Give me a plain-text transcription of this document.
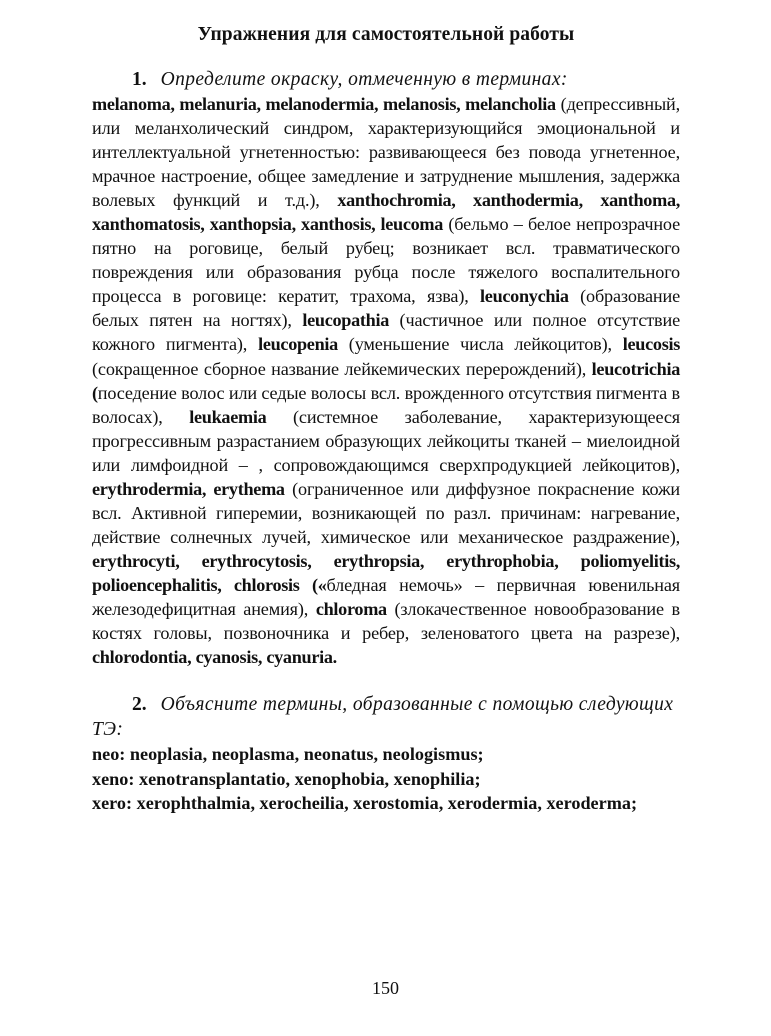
Упражнения для самостоятельной работы

1. Определите окраску, отмеченную в терминах:

melanoma, melanuria, melanodermia, melanosis, melancholia (депрессивный, или меланхолический синдром, характеризующийся эмоциональной и интеллектуальной угнетенностью: развивающееся без повода угнетенное, мрачное настроение, общее замедление и затруднение мышления, задержка волевых функций и т.д.), xanthochromia, xanthodermia, xanthoma, xanthomatosis, xanthopsia, xanthosis, leucoma (бельмо – белое непрозрачное пятно на роговице, белый рубец; возникает всл. травматического повреждения или образования рубца после тяжелого воспалительного процесса в роговице: кератит, трахома, язва), leuconychia (образование белых пятен на ногтях), leucopathia (частичное или полное отсутствие кожного пигмента), leucopenia (уменьшение числа лейкоцитов), leucosis (сокращенное сборное название лейкемических перерождений), leucotrichia (поседение волос или седые волосы всл. врожденного отсутствия пигмента в волосах), leukaemia (системное заболевание, характеризующееся прогрессивным разрастанием образующих лейкоциты тканей – миелоидной или лимфоидной – , сопровождающимся сверхпродукцией лейкоцитов), erythrodermia, erythema (ограниченное или диффузное покраснение кожи всл. Активной гиперемии, возникающей по разл. причинам: нагревание, действие солнечных лучей, химическое или механическое раздражение), erythrocyti, erythrocytosis, erythropsia, erythrophobia, poliomyelitis, polioencephalitis, chlorosis («бледная немочь» – первичная ювенильная железодефицитная анемия), chloroma (злокачественное новообразование в костях головы, позвоночника и ребер, зеленоватого цвета на разрезе), chlorodontia, cyanosis, cyanuria.

2. Объясните термины, образованные с помощью следующих ТЭ:

neo: neoplasia, neoplasma, neonatus, neologismus;
xeno: xenotransplantatio, xenophobia, xenophilia;
xero: xerophthalmia, xerocheilia, xerostomia, xerodermia, xeroderma;
150
